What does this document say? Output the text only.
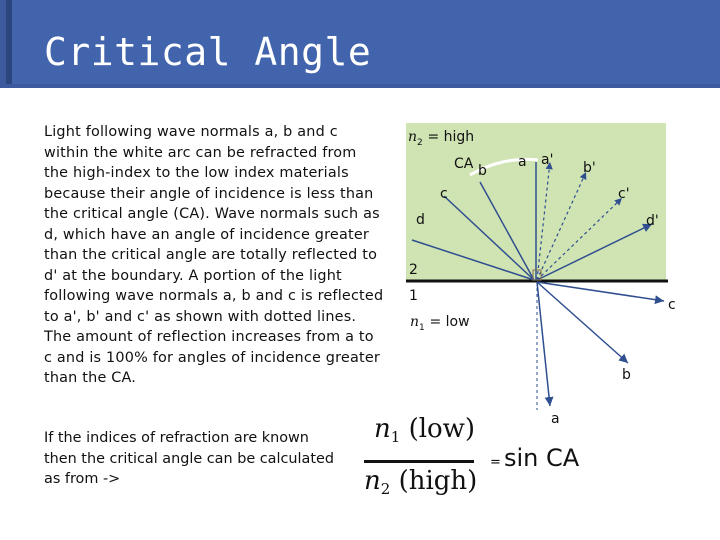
Critical Angle
Light following wave normals a, b and c within the white arc can be refracted from the high-index to the low index materials because their angle of incidence is less than the critical angle (CA). Wave normals such as d, which have an angle of incidence greater than the critical angle are totally reflected to d' at the boundary. A portion of the light following wave normals a, b and c is reflected to a', b' and c' as shown with dotted lines. The amount of reflection increases from a to c and is 100% for angles of incidence greater than the CA.
If the indices of refraction are known then the critical angle can be calculated as from ->
n 2 = high
CA b
a a' b'
c	c'
d	d'
2
1
c
n 1 = low
b
a
$n_1$ (low)
$n_2$ (high)
= sin CA
